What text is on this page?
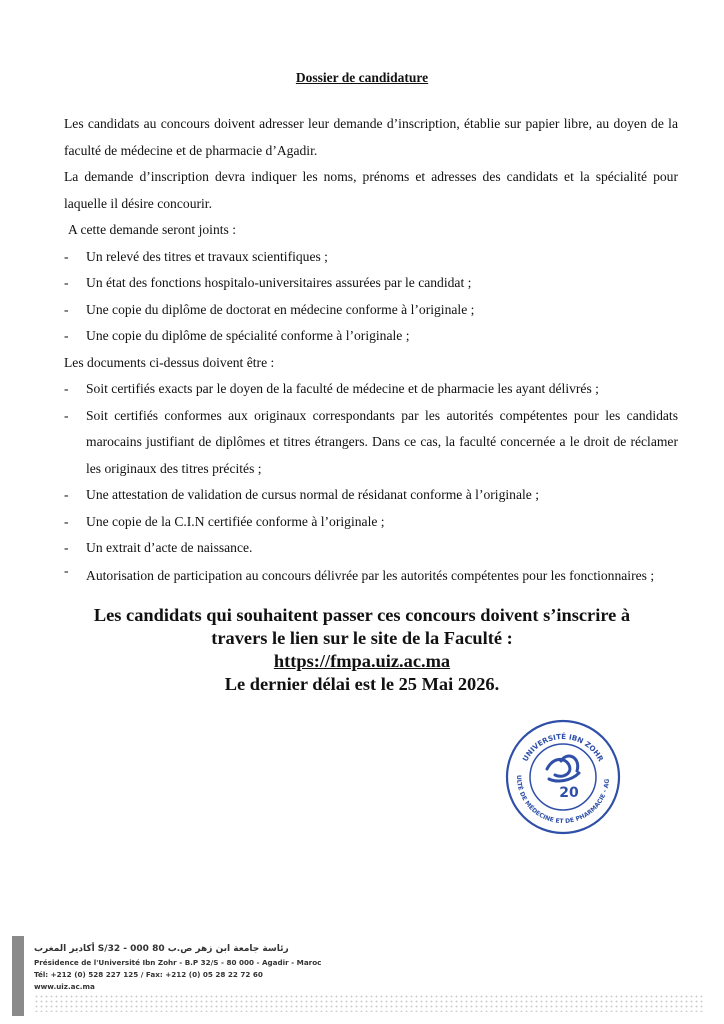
Dossier de candidature

Les candidats au concours doivent adresser leur demande d’inscription, établie sur papier libre, au doyen de la faculté de médecine et de pharmacie d’Agadir.

La demande d’inscription devra indiquer les noms, prénoms et adresses des candidats et la spécialité pour laquelle il désire concourir.

A cette demande seront joints :

- Un relevé des titres et travaux scientifiques ;

- Un état des fonctions hospitalo-universitaires assurées par le candidat ;

- Une copie du diplôme de doctorat en médecine conforme à l’originale ;

- Une copie du diplôme de spécialité conforme à l’originale ;

Les documents ci-dessus doivent être :

- Soit certifiés exacts par le doyen de la faculté de médecine et de pharmacie les ayant délivrés ;

- Soit certifiés conformes aux originaux correspondants par les autorités compétentes pour les candidats marocains justifiant de diplômes et titres étrangers. Dans ce cas, la faculté concernée a le droit de réclamer les originaux des titres précités ;

- Une attestation de validation de cursus normal de résidanat conforme à l’originale ;

- Une copie de la C.I.N certifiée conforme à l’originale ;

- Un extrait d’acte de naissance.

- Autorisation de participation au concours délivrée par les autorités compétentes pour les fonctionnaires ;

Les candidats qui souhaitent passer ces concours doivent s’inscrire à
travers le lien sur le site de la Faculté :
https://fmpa.uiz.ac.ma
Le dernier délai est le 25 Mai 2026.
UNIVERSITÉ IBN ZOHR
ULTÉ DE MÉDECINE ET DE PHARMACIE - AG
20
رئاسة جامعة ابن زهر ص.ب 80 000 - 32/S أكادير المغرب
Présidence de l'Université Ibn Zohr - B.P 32/S - 80 000 - Agadir - Maroc
Tél: +212 (0) 528 227 125 / Fax: +212 (0) 05 28 22 72 60
www.uiz.ac.ma
